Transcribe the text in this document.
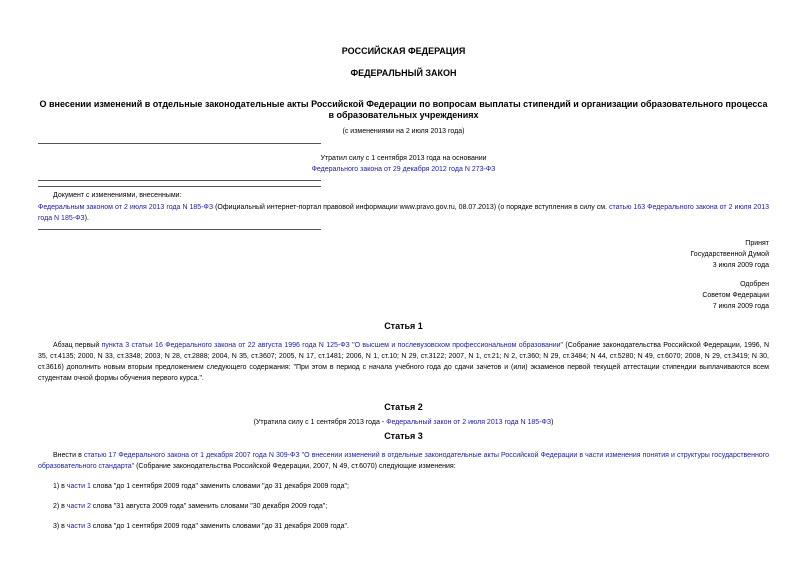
РОССИЙСКАЯ ФЕДЕРАЦИЯ
ФЕДЕРАЛЬНЫЙ ЗАКОН
О внесении изменений в отдельные законодательные акты Российской Федерации по вопросам выплаты стипендий и организации образовательного процесса в образовательных учреждениях
(с изменениями на 2 июля 2013 года)
Утратил силу с 1 сентября 2013 года на основании
Федерального закона от 29 декабря 2012 года N 273-ФЗ
Документ с изменениями, внесенными:
Федеральным законом от 2 июля 2013 года N 185-ФЗ (Официальный интернет-портал правовой информации www.pravo.gov.ru, 08.07.2013) (о порядке вступления в силу см. статью 163 Федерального закона от 2 июля 2013 года N 185-ФЗ).
Принят
Государственной Думой
3 июля 2009 года
Одобрен
Советом Федерации
7 июля 2009 года
Статья 1
Абзац первый пункта 3 статьи 16 Федерального закона от 22 августа 1996 года N 125-ФЗ "О высшем и послевузовском профессиональном образовании" (Собрание законодательства Российской Федерации, 1996, N 35, ст.4135; 2000, N 33, ст.3348; 2003, N 28, ст.2888; 2004, N 35, ст.3607; 2005, N 17, ст.1481; 2006, N 1, ст.10; N 29, ст.3122; 2007, N 1, ст.21; N 2, ст.360; N 29, ст.3484; N 44, ст.5280; N 49, ст.6070; 2008, N 29, ст.3419; N 30, ст.3616) дополнить новым вторым предложением следующего содержания: "При этом в период с начала учебного года до сдачи зачетов и (или) экзаменов первой текущей аттестации стипендии выплачиваются всем студентам очной формы обучения первого курса.".
Статья 2
(Утратила силу с 1 сентября 2013 года - Федеральный закон от 2 июля 2013 года N 185-ФЗ)
Статья 3
Внести в статью 17 Федерального закона от 1 декабря 2007 года N 309-ФЗ "О внесении изменений в отдельные законодательные акты Российской Федерации в части изменения понятия и структуры государственного образовательного стандарта" (Собрание законодательства Российской Федерации, 2007, N 49, ст.6070) следующие изменения:
1) в части 1 слова "до 1 сентября 2009 года" заменить словами "до 31 декабря 2009 года";
2) в части 2 слова "31 августа 2009 года" заменить словами "30 декабря 2009 года";
3) в части 3 слова "до 1 сентября 2009 года" заменить словами "до 31 декабря 2009 года".
